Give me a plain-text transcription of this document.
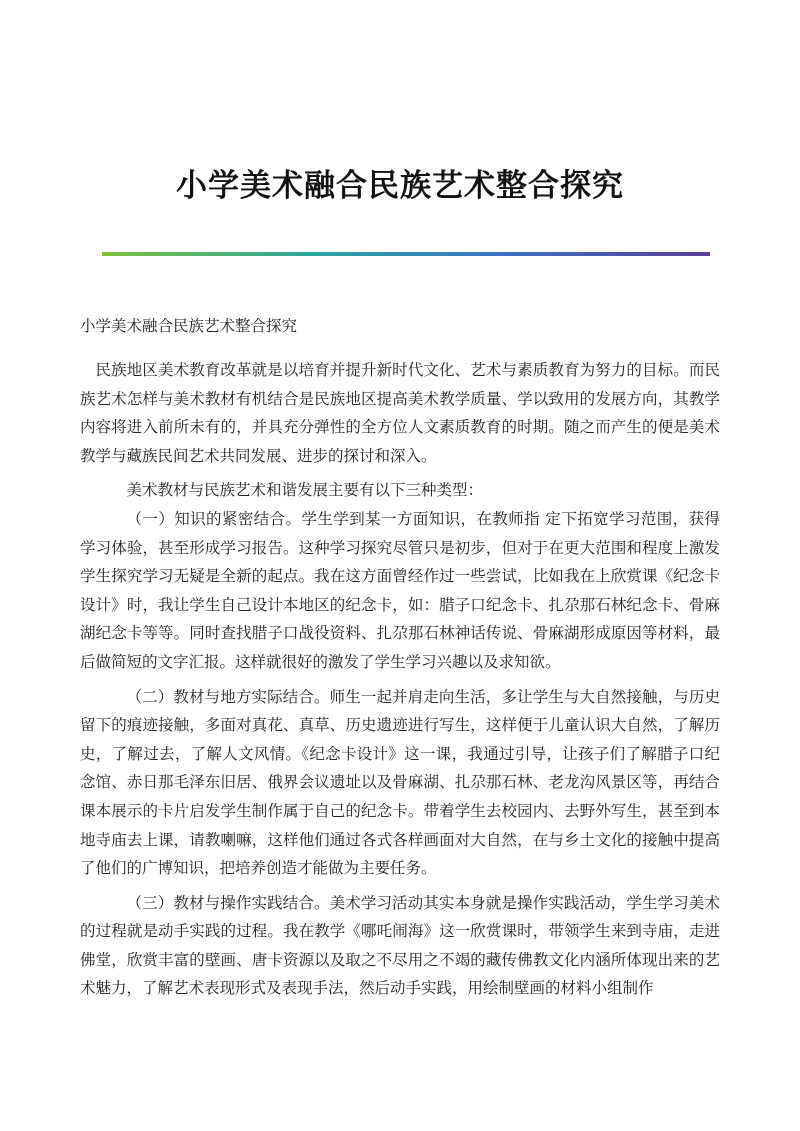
小学美术融合民族艺术整合探究
小学美术融合民族艺术整合探究

民族地区美术教育改革就是以培育并提升新时代文化、艺术与素质教育为努力的目标。而民族艺术怎样与美术教材有机结合是民族地区提高美术教学质量、学以致用的发展方向，其教学内容将进入前所未有的，并具充分弹性的全方位人文素质教育的时期。随之而产生的便是美术教学与藏族民间艺术共同发展、进步的探讨和深入。

美术教材与民族艺术和谐发展主要有以下三种类型：

（一）知识的紧密结合。学生学到某一方面知识，在教师指 定下拓宽学习范围，获得学习体验，甚至形成学习报告。这种学习探究尽管只是初步，但对于在更大范围和程度上激发学生探究学习无疑是全新的起点。我在这方面曾经作过一些尝试，比如我在上欣赏课《纪念卡设计》时，我让学生自己设计本地区的纪念卡，如：腊子口纪念卡、扎尕那石林纪念卡、骨麻湖纪念卡等等。同时查找腊子口战役资料、扎尕那石林神话传说、骨麻湖形成原因等材料，最后做简短的文字汇报。这样就很好的激发了学生学习兴趣以及求知欲。

（二）教材与地方实际结合。师生一起并肩走向生活，多让学生与大自然接触，与历史留下的痕迹接触，多面对真花、真草、历史遗迹进行写生，这样便于儿童认识大自然，了解历史，了解过去，了解人文风情。《纪念卡设计》这一课，我通过引导，让孩子们了解腊子口纪念馆、赤日那毛泽东旧居、俄界会议遗址以及骨麻湖、扎尕那石林、老龙沟风景区等，再结合课本展示的卡片启发学生制作属于自己的纪念卡。带着学生去校园内、去野外写生，甚至到本地寺庙去上课，请教喇嘛，这样他们通过各式各样画面对大自然，在与乡土文化的接触中提高了他们的广博知识，把培养创造才能做为主要任务。

（三）教材与操作实践结合。美术学习活动其实本身就是操作实践活动，学生学习美术的过程就是动手实践的过程。我在教学《哪吒闹海》这一欣赏课时，带领学生来到寺庙，走进佛堂，欣赏丰富的壁画、唐卡资源以及取之不尽用之不竭的藏传佛教文化内涵所体现出来的艺术魅力，了解艺术表现形式及表现手法，然后动手实践，用绘制壁画的材料小组制作
